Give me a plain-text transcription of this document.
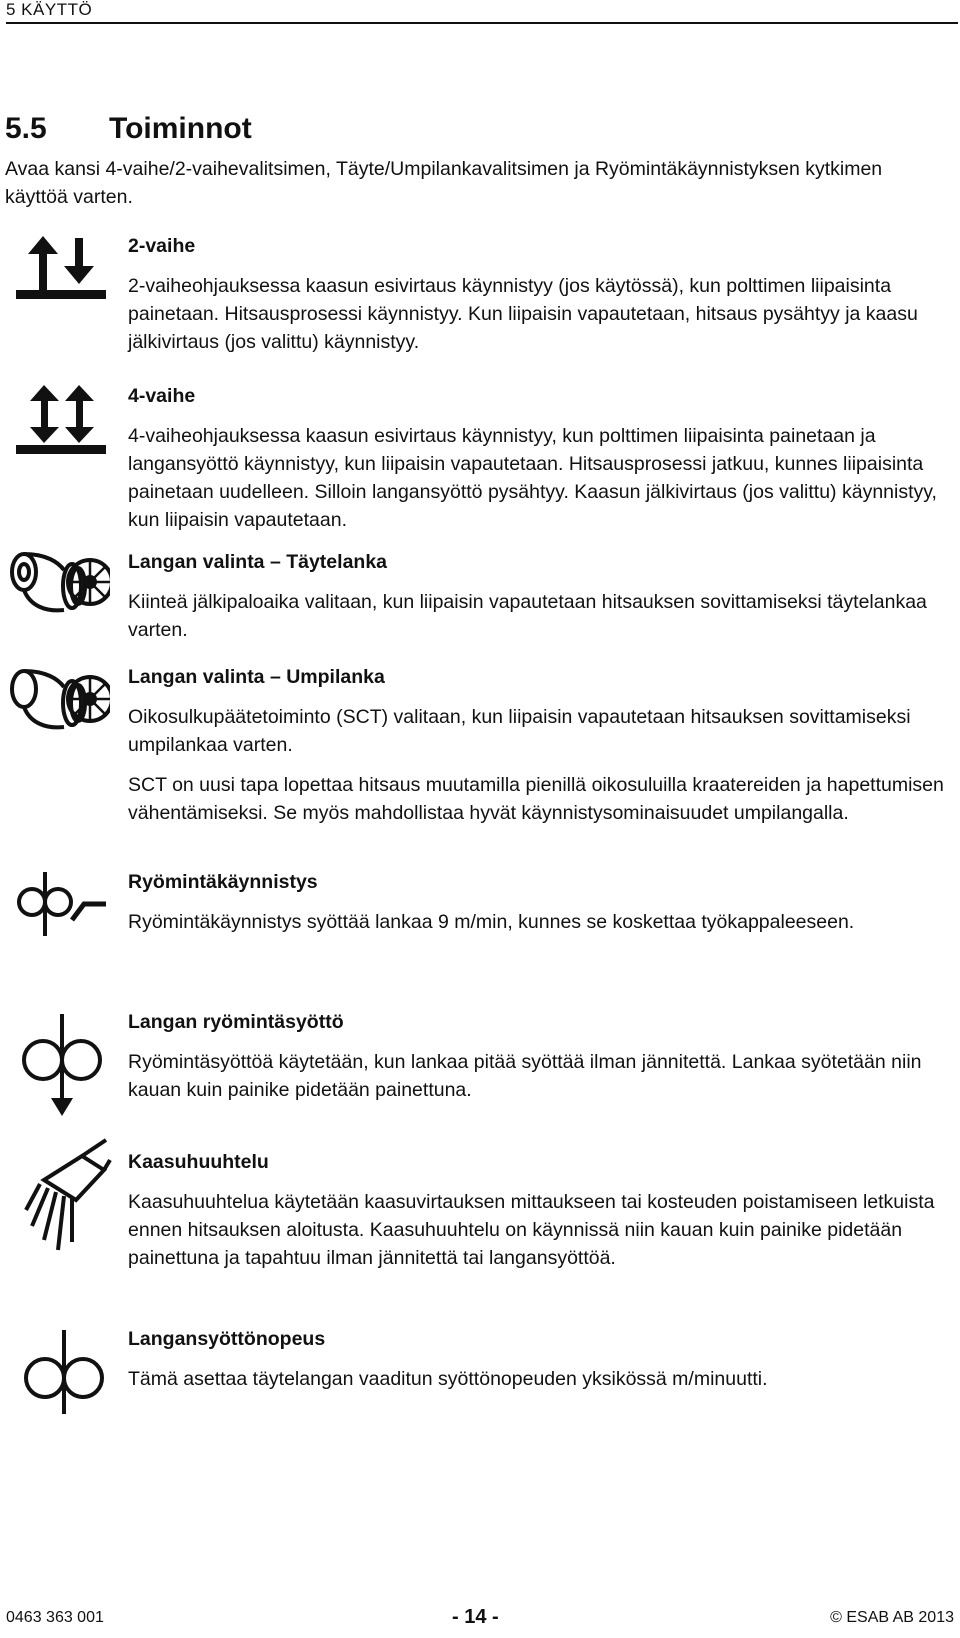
5 KÄYTTÖ
5.5 Toiminnot
Avaa kansi 4-vaihe/2-vaihevalitsimen, Täyte/Umpilankavalitsimen ja Ryömintäkäynnistyksen kytkimen käyttöä varten.
2-vaihe

2-vaiheohjauksessa kaasun esivirtaus käynnistyy (jos käytössä), kun polttimen liipaisinta painetaan. Hitsausprosessi käynnistyy. Kun liipaisin vapautetaan, hitsaus pysähtyy ja kaasu jälkivirtaus (jos valittu) käynnistyy.

4-vaihe

4-vaiheohjauksessa kaasun esivirtaus käynnistyy, kun polttimen liipaisinta painetaan ja langansyöttö käynnistyy, kun liipaisin vapautetaan. Hitsausprosessi jatkuu, kunnes liipaisinta painetaan uudelleen. Silloin langansyöttö pysähtyy. Kaasun jälkivirtaus (jos valittu) käynnistyy, kun liipaisin vapautetaan.

Langan valinta – Täytelanka

Kiinteä jälkipaloaika valitaan, kun liipaisin vapautetaan hitsauksen sovittamiseksi täytelankaa varten.

Langan valinta – Umpilanka

Oikosulkupäätetoiminto (SCT) valitaan, kun liipaisin vapautetaan hitsauksen sovittamiseksi umpilankaa varten.

SCT on uusi tapa lopettaa hitsaus muutamilla pienillä oikosuluilla kraatereiden ja hapettumisen vähentämiseksi. Se myös mahdollistaa hyvät käynnistysominaisuudet umpilangalla.

Ryömintäkäynnistys

Ryömintäkäynnistys syöttää lankaa 9 m/min, kunnes se koskettaa työkappaleeseen.

Langan ryömintäsyöttö

Ryömintäsyöttöä käytetään, kun lankaa pitää syöttää ilman jännitettä. Lankaa syötetään niin kauan kuin painike pidetään painettuna.

Kaasuhuuhtelu

Kaasuhuuhtelua käytetään kaasuvirtauksen mittaukseen tai kosteuden poistamiseen letkuista ennen hitsauksen aloitusta. Kaasuhuuhtelu on käynnissä niin kauan kuin painike pidetään painettuna ja tapahtuu ilman jännitettä tai langansyöttöä.

Langansyöttönopeus

Tämä asettaa täytelangan vaaditun syöttönopeuden yksikössä m/minuutti.

0463 363 001	- 14 -	© ESAB AB 2013
